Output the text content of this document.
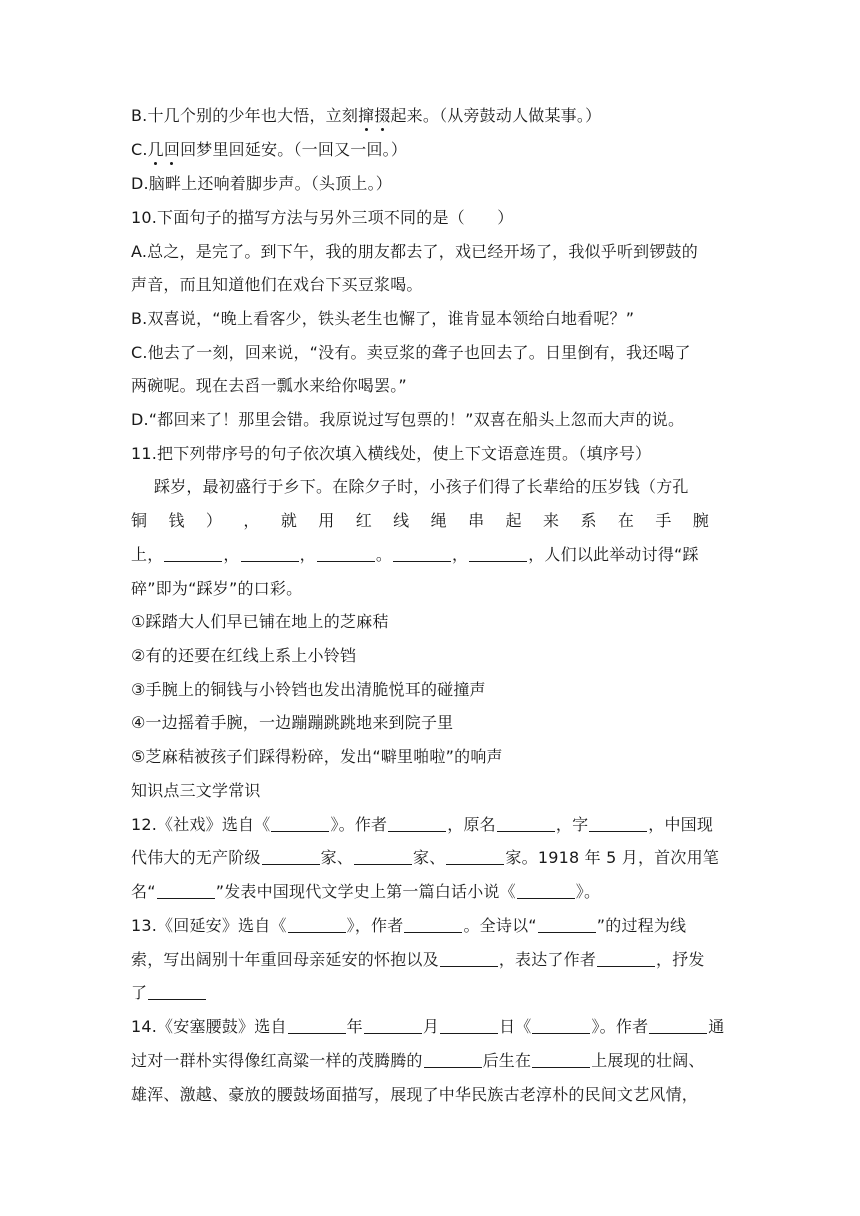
B.十几个别的少年也大悟，立刻撺掇起来。（从旁鼓动人做某事。）
C.几回回梦里回延安。（一回又一回。）
D.脑畔上还响着脚步声。（头顶上。）
10.下面句子的描写方法与另外三项不同的是（　　）
A.总之，是完了。到下午，我的朋友都去了，戏已经开场了，我似乎听到锣鼓的
声音，而且知道他们在戏台下买豆浆喝。
B.双喜说，“晚上看客少，铁头老生也懈了，谁肯显本领给白地看呢？”
C.他去了一刻，回来说，“没有。卖豆浆的聋子也回去了。日里倒有，我还喝了
两碗呢。现在去舀一瓢水来给你喝罢。”
D.“都回来了！那里会错。我原说过写包票的！”双喜在船头上忽而大声的说。
11.把下列带序号的句子依次填入横线处，使上下文语意连贯。（填序号）
踩岁，最初盛行于乡下。在除夕子时，小孩子们得了长辈给的压岁钱（方孔
铜 钱 ） ， 就 用 红 线 绳 串 起 来 系 在 手 腕
上，	，	，	。	，	，人们以此举动讨得“踩
碎”即为“踩岁”的口彩。
①踩踏大人们早已铺在地上的芝麻秸
②有的还要在红线上系上小铃铛
③手腕上的铜钱与小铃铛也发出清脆悦耳的碰撞声
④一边摇着手腕，一边蹦蹦跳跳地来到院子里
⑤芝麻秸被孩子们踩得粉碎，发出“噼里啪啦”的响声
知识点三文学常识
12.《社戏》选自《	》。作者	，原名	，字	，中国现
代伟大的无产阶级	家、	家、	家。1918 年 5 月，首次用笔
名“	”发表中国现代文学史上第一篇白话小说《	》。
13.《回延安》选自《	》，作者	。全诗以“	”的过程为线
索，写出阔别十年重回母亲延安的怀抱以及	，表达了作者	，抒发
了
14.《安塞腰鼓》选自	年	月	日《	》。作者	通
过对一群朴实得像红高粱一样的茂腾腾的	后生在	上展现的壮阔、
雄浑、激越、豪放的腰鼓场面描写，展现了中华民族古老淳朴的民间文艺风情，
